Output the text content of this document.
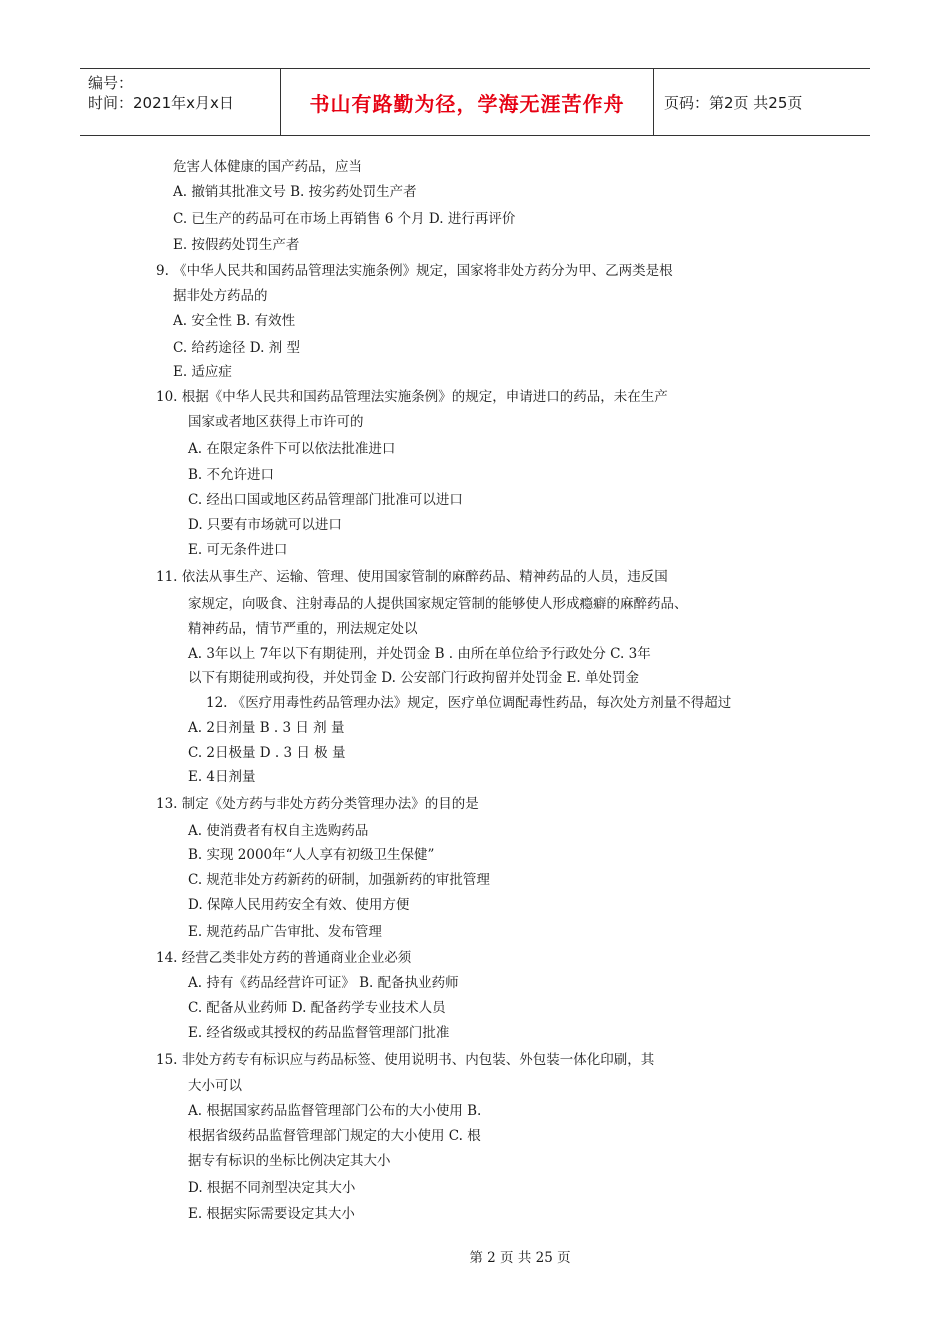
编号：
时间：2021年x月x日	书山有路勤为径，学海无涯苦作舟	页码：第2页 共25页
危害人体健康的国产药品，应当
A. 撤销其批准文号 B. 按劣药处罚生产者
C. 已生产的药品可在市场上再销售 6 个月 D. 进行再评价
E. 按假药处罚生产者
9. 《中华人民共和国药品管理法实施条例》规定，国家将非处方药分为甲、乙两类是根
据非处方药品的
A. 安全性 B. 有效性
C. 给药途径 D. 剂 型
E. 适应症
10. 根据《中华人民共和国药品管理法实施条例》的规定，申请进口的药品，未在生产
国家或者地区获得上市许可的
A. 在限定条件下可以依法批准进口
B. 不允许进口
C. 经出口国或地区药品管理部门批准可以进口
D. 只要有市场就可以进口
E. 可无条件进口
11. 依法从事生产、运输、管理、使用国家管制的麻醉药品、精神药品的人员，违反国
家规定，向吸食、注射毒品的人提供国家规定管制的能够使人形成瘾癖的麻醉药品、
精神药品，情节严重的，刑法规定处以
A. 3年以上 7年以下有期徒刑，并处罚金 B . 由所在单位给予行政处分 C. 3年
以下有期徒刑或拘役，并处罚金 D. 公安部门行政拘留并处罚金 E. 单处罚金
12. 《医疗用毒性药品管理办法》规定，医疗单位调配毒性药品，每次处方剂量不得超过
A. 2日剂量 B . 3 日 剂 量
C. 2日极量 D . 3 日 极 量
E. 4日剂量
13. 制定《处方药与非处方药分类管理办法》的目的是
A. 使消费者有权自主选购药品
B. 实现 2000年“人人享有初级卫生保健”
C. 规范非处方药新药的研制，加强新药的审批管理
D. 保障人民用药安全有效、使用方便
E. 规范药品广告审批、发布管理
14. 经营乙类非处方药的普通商业企业必须
A. 持有《药品经营许可证》 B. 配备执业药师
C. 配备从业药师 D. 配备药学专业技术人员
E. 经省级或其授权的药品监督管理部门批准
15. 非处方药专有标识应与药品标签、使用说明书、内包装、外包装一体化印刷，其
大小可以
A. 根据国家药品监督管理部门公布的大小使用 B.
根据省级药品监督管理部门规定的大小使用 C. 根
据专有标识的坐标比例决定其大小
D. 根据不同剂型决定其大小
E. 根据实际需要设定其大小
第 2 页 共 25 页
